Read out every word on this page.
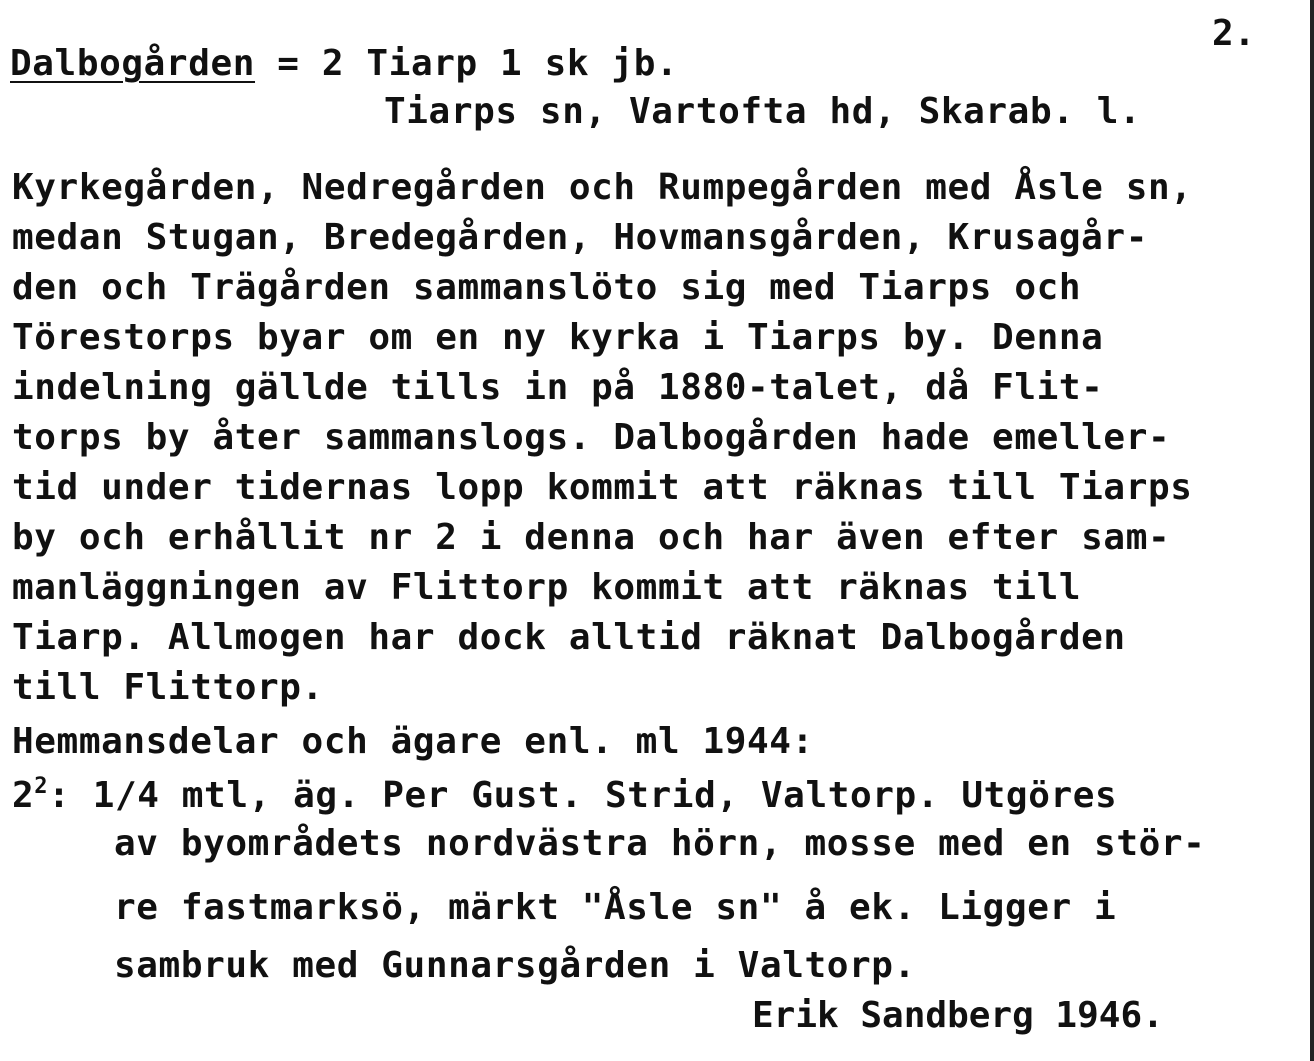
2.
Dalbogården = 2 Tiarp 1 sk jb.
Tiarps sn, Vartofta hd, Skarab. l.
Kyrkegården, Nedregården och Rumpegården med Åsle sn,
medan Stugan, Bredegården, Hovmansgården, Krusagår-
den och Trägården sammanslöto sig med Tiarps och
Törestorps byar om en ny kyrka i Tiarps by. Denna
indelning gällde tills in på 1880-talet, då Flit-
torps by åter sammanslogs. Dalbogården hade emeller-
tid under tidernas lopp kommit att räknas till Tiarps
by och erhållit nr 2 i denna och har även efter sam-
manläggningen av Flittorp kommit att räknas till
Tiarp. Allmogen har dock alltid räknat Dalbogården
till Flittorp.
Hemmansdelar och ägare enl. ml 1944:
$2^2$: 1/4 mtl, äg. Per Gust. Strid, Valtorp. Utgöres
av byområdets nordvästra hörn, mosse med en stör-
re fastmarksö, märkt "Åsle sn" å ek. Ligger i
sambruk med Gunnarsgården i Valtorp.
Erik Sandberg 1946.
